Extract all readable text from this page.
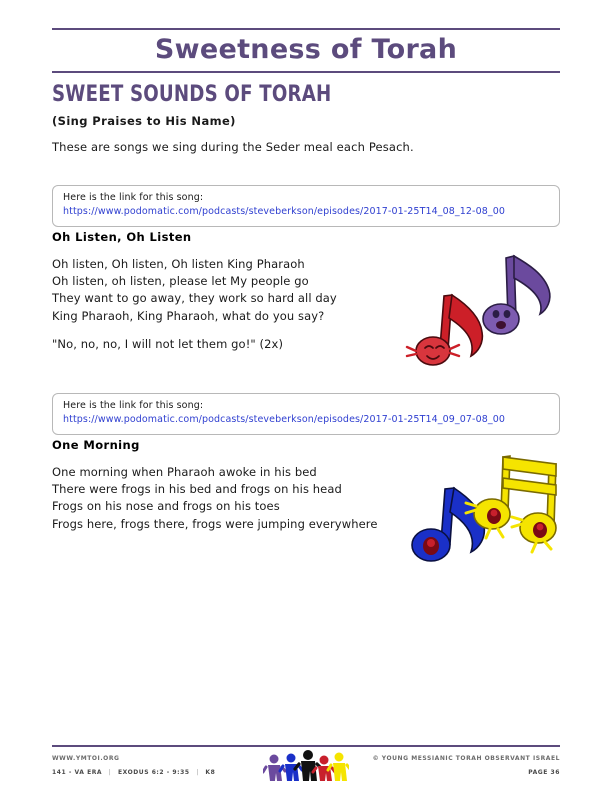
Sweetness of Torah
SWEET SOUNDS OF TORAH
(Sing Praises to His Name)
These are songs we sing during the Seder meal each Pesach.
Here is the link for this song:
https://www.podomatic.com/podcasts/steveberkson/episodes/2017-01-25T14_08_12-08_00
Oh Listen, Oh Listen
Oh listen, Oh listen, Oh listen King Pharaoh
Oh listen, oh listen, please let My people go
They want to go away, they work so hard all day
King Pharaoh, King Pharaoh, what do you say?
"No, no, no, I will not let them go!" (2x)
Here is the link for this song:
https://www.podomatic.com/podcasts/steveberkson/episodes/2017-01-25T14_09_07-08_00
One Morning
One morning when Pharaoh awoke in his bed
There were frogs in his bed and frogs on his head
Frogs on his nose and frogs on his toes
Frogs here, frogs there, frogs were jumping everywhere
WWW.YMTOI.ORG
141 - VA ERA | EXODUS 6:2 - 9:35 | K8
© YOUNG MESSIANIC TORAH OBSERVANT ISRAEL
PAGE 36
